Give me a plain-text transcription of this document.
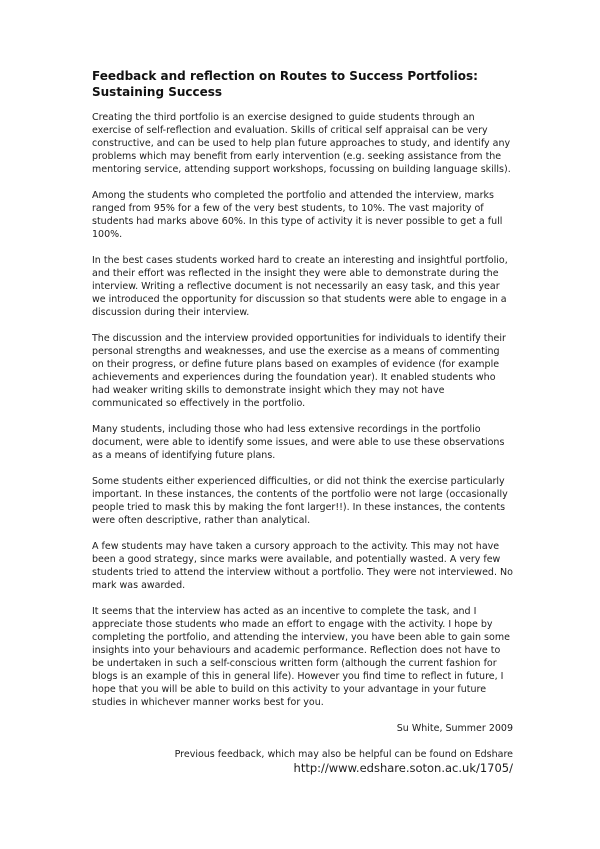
Feedback and reflection on Routes to Success Portfolios:
Sustaining Success

Creating the third portfolio is an exercise designed to guide students through an exercise of self-reflection and evaluation. Skills of critical self appraisal can be very constructive, and can be used to help plan future approaches to study, and identify any problems which may benefit from early intervention (e.g. seeking assistance from the mentoring service, attending support workshops, focussing on building language skills).

Among the students who completed the portfolio and attended the interview, marks ranged from 95% for a few of the very best students, to 10%. The vast majority of students had marks above 60%. In this type of activity it is never possible to get a full 100%.

In the best cases students worked hard to create an interesting and insightful portfolio, and their effort was reflected in the insight they were able to demonstrate during the interview. Writing a reflective document is not necessarily an easy task, and this year we introduced the opportunity for discussion so that students were able to engage in a discussion during their interview.

The discussion and the interview provided opportunities for individuals to identify their personal strengths and weaknesses, and use the exercise as a means of commenting on their progress, or define future plans based on examples of evidence (for example achievements and experiences during the foundation year). It enabled students who had weaker writing skills to demonstrate insight which they may not have communicated so effectively in the portfolio.

Many students, including those who had less extensive recordings in the portfolio document, were able to identify some issues, and were able to use these observations as a means of identifying future plans.

Some students either experienced difficulties, or did not think the exercise particularly important. In these instances, the contents of the portfolio were not large (occasionally people tried to mask this by making the font larger!!). In these instances, the contents were often descriptive, rather than analytical.

A few students may have taken a cursory approach to the activity. This may not have been a good strategy, since marks were available, and potentially wasted. A very few students tried to attend the interview without a portfolio. They were not interviewed. No mark was awarded.

It seems that the interview has acted as an incentive to complete the task, and I appreciate those students who made an effort to engage with the activity. I hope by completing the portfolio, and attending the interview, you have been able to gain some insights into your behaviours and academic performance. Reflection does not have to be undertaken in such a self-conscious written form (although the current fashion for blogs is an example of this in general life). However you find time to reflect in future, I hope that you will be able to build on this activity to your advantage in your future studies in whichever manner works best for you.

Su White, Summer 2009

Previous feedback, which may also be helpful can be found on Edshare

http://www.edshare.soton.ac.uk/1705/
